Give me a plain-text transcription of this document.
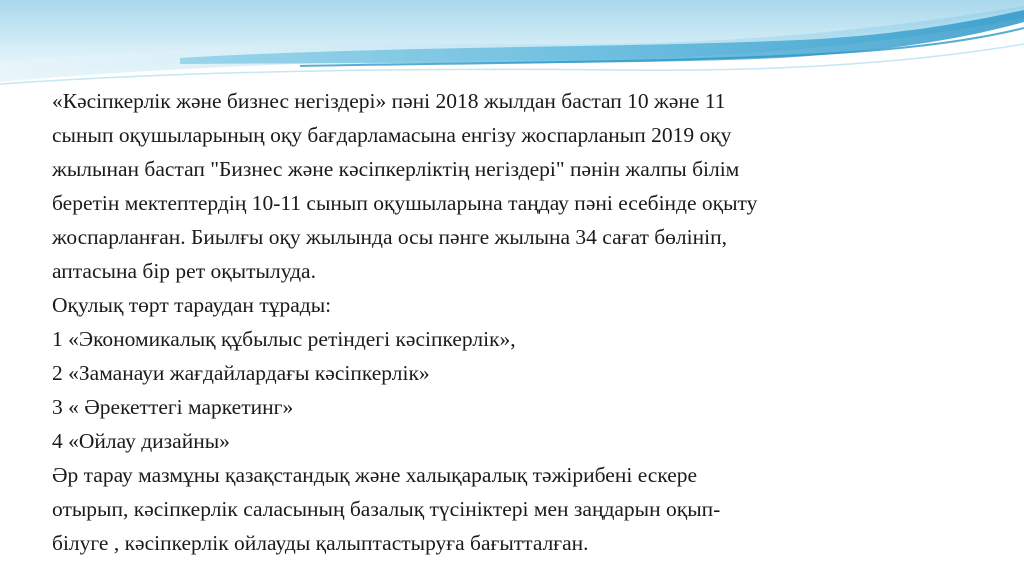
«Кәсіпкерлік және бизнес негіздері» пәні 2018 жылдан бастап 10 және 11
сынып оқушыларының оқу бағдарламасына енгізу жоспарланып 2019 оқу
жылынан бастап "Бизнес және кәсіпкерліктің негіздері" пәнін жалпы білім
беретін мектептердің 10-11 сынып оқушыларына таңдау пәні есебінде оқыту
жоспарланған. Биылғы оқу жылында осы пәнге жылына 34 сағат бөлініп,
аптасына бір рет оқытылуда.
Оқулық төрт тараудан тұрады:
1 «Экономикалық құбылыс ретіндегі кәсіпкерлік»,
2 «Заманауи жағдайлардағы кәсіпкерлік»
3 « Әрекеттегі маркетинг»
4 «Ойлау дизайны»
Әр тарау мазмұны қазақстандық және халықаралық тәжірибені ескере
отырып, кәсіпкерлік саласының базалық түсініктері мен заңдарын оқып-
білуге , кәсіпкерлік ойлауды қалыптастыруға бағытталған.
